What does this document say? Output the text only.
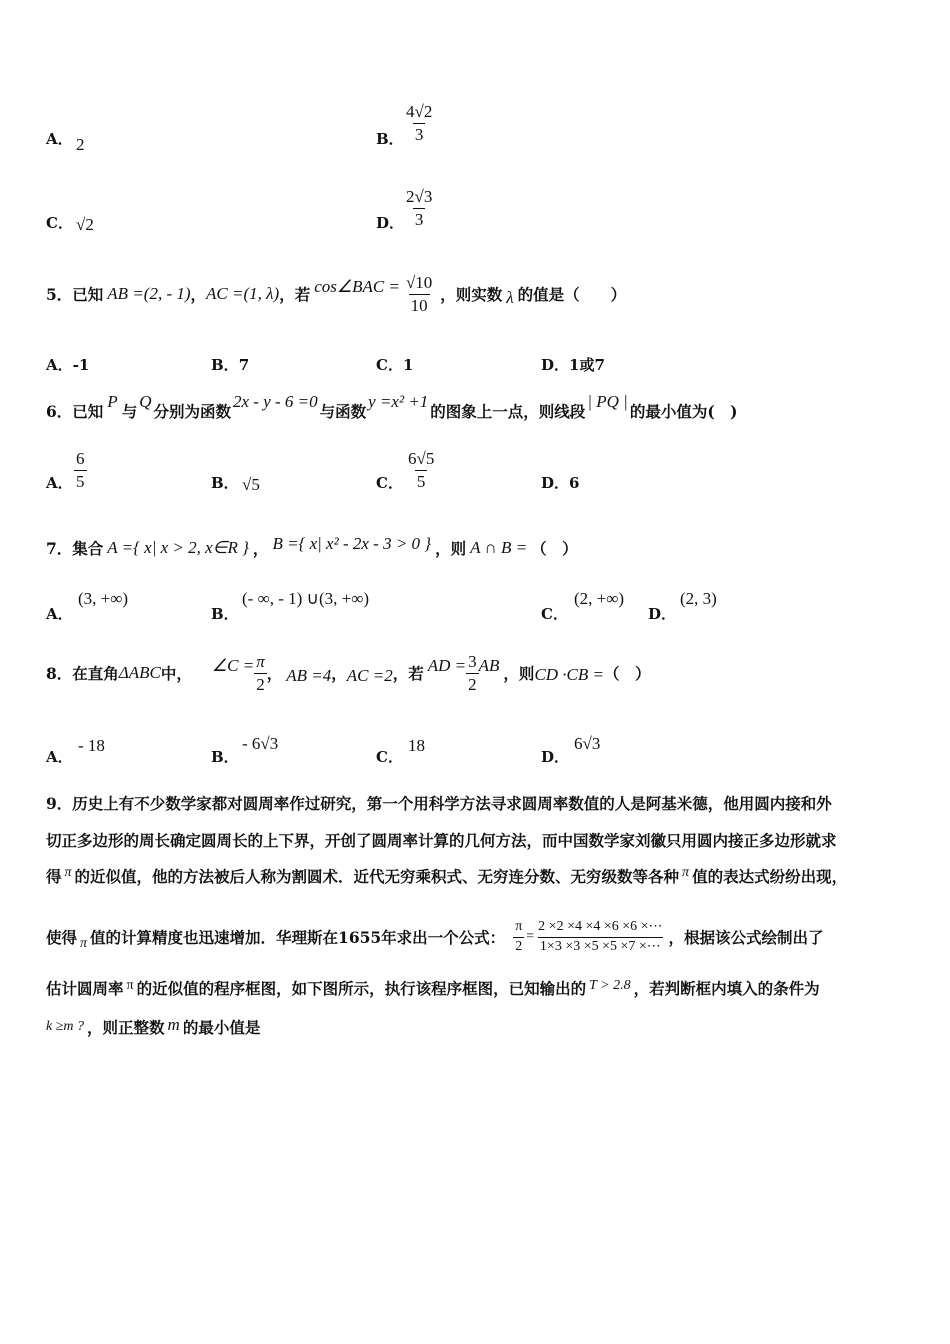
A． 2	B． $\frac{4√2}{3}$
C． √2	D． $\frac{2√3}{3}$
5．已知 AB =(2, - 1) ， AC =(1, λ) ，若 cos∠BAC = $\frac{√10}{10}$ ，则实数 λ 的值是（　　）
A．-1	B．7	C．1	D．1或7
6．已知
P
与
Q
分别为函数
2x - y - 6 =0
与函数
y =x² +1
的图象上一点，则线段
| PQ |
的最小值为(　)
A． $\frac{6}{5}$	B． √5	C． $\frac{6√5}{5}$	D．6
7．集合 A ={ x| x > 2, x∈R } ， B ={ x| x² - 2x - 3 > 0 } ，则 A ∩ B = （　）
A．
(3, +∞)
B．
(- ∞, - 1) ∪(3, +∞)
C．
(2, +∞)
D．
(2, 3)
8．在直角 ΔABC 中， ∠C = $\frac{\pi}{2}$ ， AB =4 ， AC =2 ，若 AD = $\frac{3}{2}$ AB ，则 CD ·CB = （　）
A．
- 18
B．
- 6√3
C．
18
D．
6√3
9．历史上有不少数学家都对圆周率作过研究，第一个用科学方法寻求圆周率数值的人是阿基米德，他用圆内接和外
切正多边形的周长确定圆周长的上下界，开创了圆周率计算的几何方法，而中国数学家刘徽只用圆内接正多边形就求
得 π 的近似值，他的方法被后人称为割圆术．近代无穷乘积式、无穷连分数、无穷级数等各种 π 值的表达式纷纷出现，
使得 π 值的计算精度也迅速增加．华理斯在1655年求出一个公式： $\frac{\pi}{2} = \frac{2 \times 2 \times 4 \times 4 \times 6 \times 6 \times\cdots}{1\times 3 \times 3 \times 5 \times 5 \times 7 \times\cdots}$ ，根据该公式绘制出了
估计圆周率 π 的近似值的程序框图，如下图所示，执行该程序框图，已知输出的 T > 2.8 ，若判断框内填入的条件为
k ≥m ? ，则正整数 m 的最小值是
